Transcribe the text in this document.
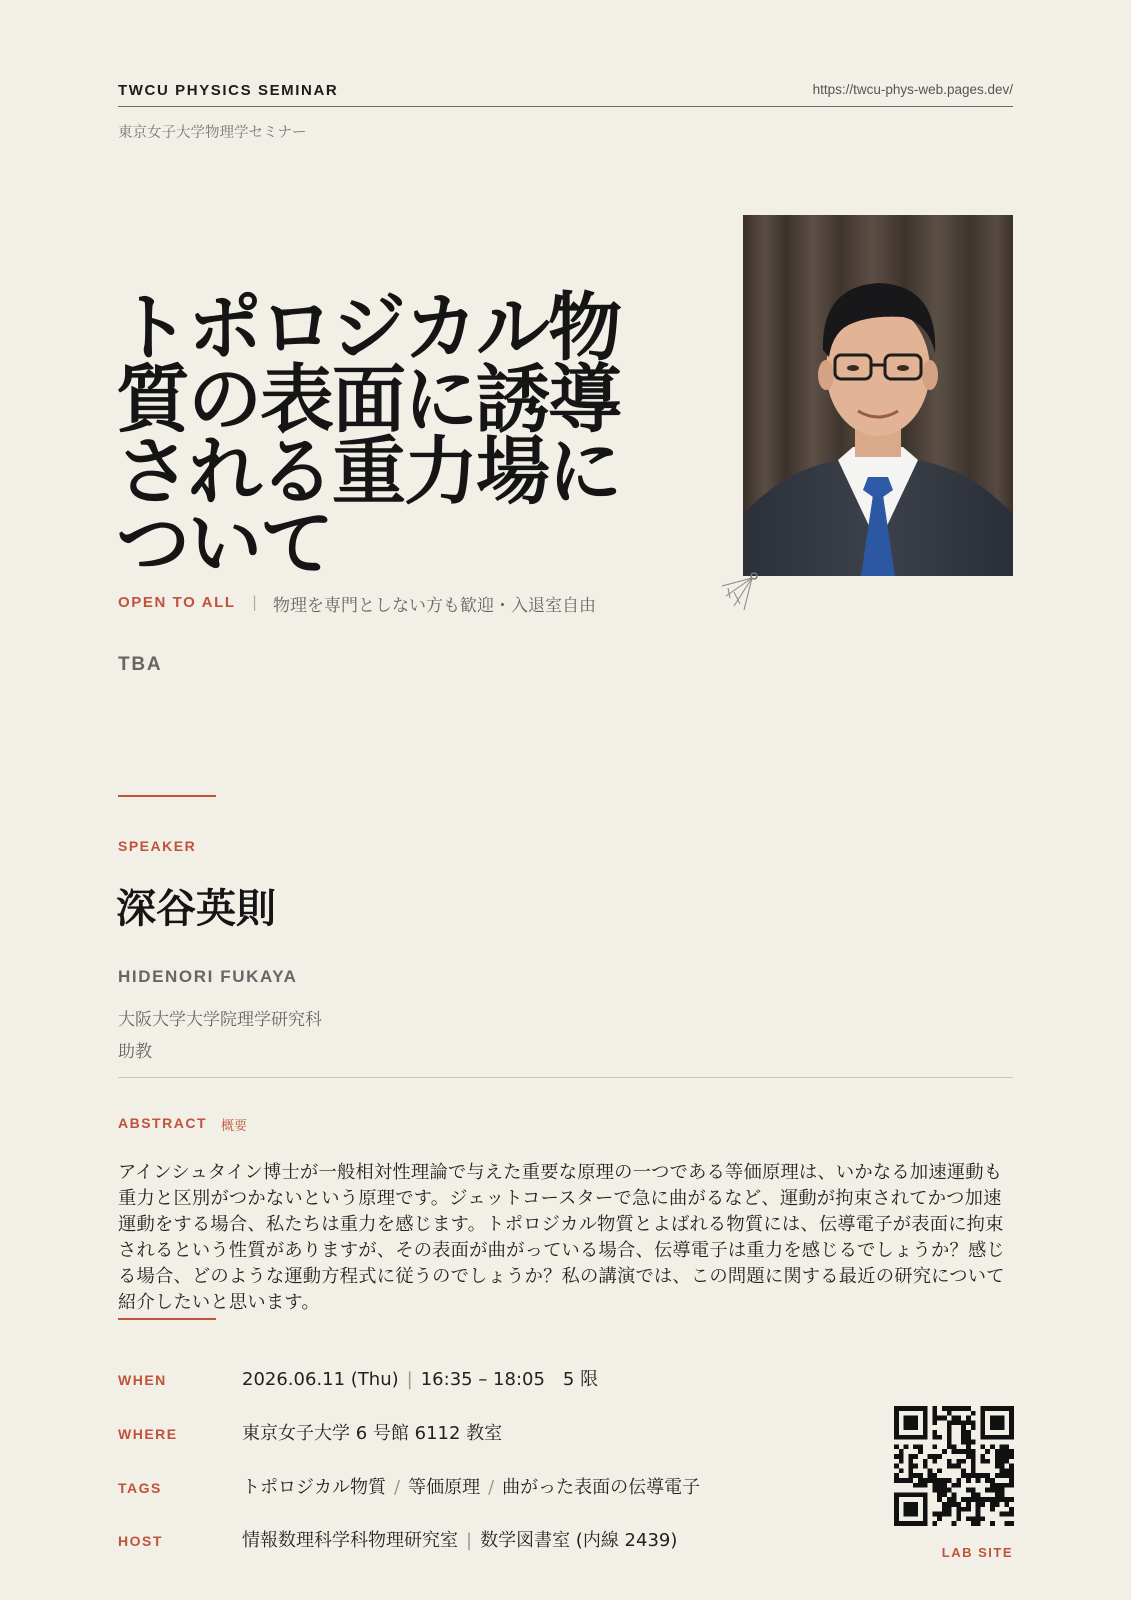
TWCU PHYSICS SEMINAR	https://twcu-phys-web.pages.dev/
東京女子大学物理学セミナー
トポロジカル物
質の表面に誘導
される重力場に
ついて
OPEN TO ALL | 物理を専門としない方も歓迎・入退室自由
TBA
SPEAKER
深谷英則
HIDENORI FUKAYA
大阪大学大学院理学研究科
助教
ABSTRACT 概要

アインシュタイン博士が一般相対性理論で与えた重要な原理の一つである等価原理は、いかなる加速運動も重力と区別がつかないという原理です。ジェットコースターで急に曲がるなど、運動が拘束されてかつ加速運動をする場合、私たちは重力を感じます。トポロジカル物質とよばれる物質には、伝導電子が表面に拘束されるという性質がありますが、その表面が曲がっている場合、伝導電子は重力を感じるでしょうか？感じる場合、どのような運動方程式に従うのでしょうか？私の講演では、この問題に関する最近の研究について紹介したいと思います。

WHEN	2026.06.11 (Thu) | 16:35 – 18:05　5 限
WHERE	東京女子大学 6 号館 6112 教室
TAGS	トポロジカル物質 / 等価原理 / 曲がった表面の伝導電子
HOST	情報数理科学科物理研究室 | 数学図書室 (内線 2439)
LAB SITE
